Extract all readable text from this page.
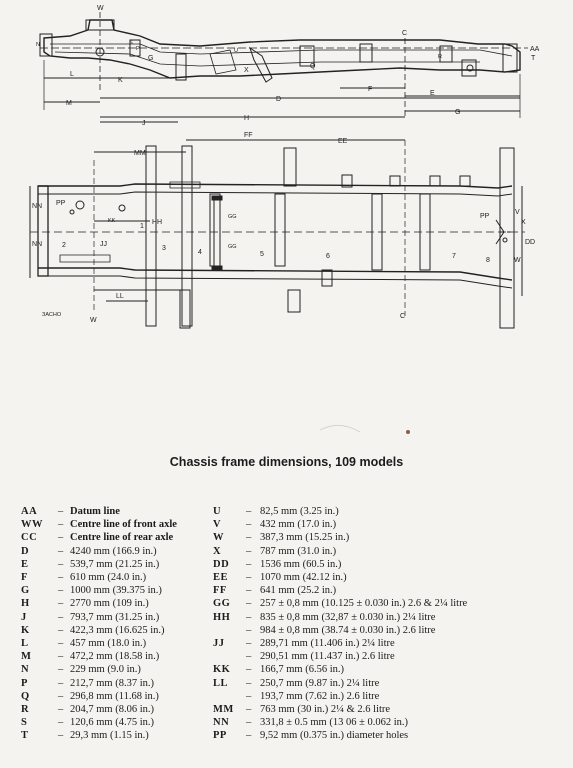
W
C
AA
T
N	S
P	U
R
L
K
Q
X
G
M
D
F
E
G
J
H
FF
EE
MM
HH
GG
GG
NN PP
KK
NN	JJ
LL
PP
V
X
DD
W
1
2	3
4	5	6	7
8
W
C
ЗАСНО
Chassis frame dimensions, 109 models
AA – Datum line
WW – Centre line of front axle
CC – Centre line of rear axle
D	– 4240 mm (166.9 in.)
E	– 539,7 mm (21.25 in.)
F	– 610 mm (24.0 in.)
G	– 1000 mm (39.375 in.)
H	– 2770 mm (109 in.)
J	– 793,7 mm (31.25 in.)
K	– 422,3 mm (16.625 in.)
L	– 457 mm (18.0 in.)
M	– 472,2 mm (18.58 in.)
N	– 229 mm (9.0 in.)
P	– 212,7 mm (8.37 in.)
Q	– 296,8 mm (11.68 in.)
R	– 204,7 mm (8.06 in.)
S	– 120,6 mm (4.75 in.)
T	– 29,3 mm (1.15 in.)
U – 82,5 mm (3.25 in.)
V – 432 mm (17.0 in.)
W – 387,3 mm (15.25 in.)
X – 787 mm (31.0 in.)
DD – 1536 mm (60.5 in.)
EE – 1070 mm (42.12 in.)
FF – 641 mm (25.2 in.)
GG – 257 ± 0,8 mm (10.125 ± 0.030 in.) 2.6 & 2¼ litre
HH – 835 ± 0,8 mm (32,87 ± 0.030 in.) 2¼ litre
– 984 ± 0,8 mm (38.74 ± 0.030 in.) 2.6 litre
JJ – 289,71 mm (11.406 in.) 2¼ litre
– 290,51 mm (11.437 in.) 2.6 litre
KK – 166,7 mm (6.56 in.)
LL – 250,7 mm (9.87 in.) 2¼ litre
– 193,7 mm (7.62 in.) 2.6 litre
MM – 763 mm (30 in.) 2¼ & 2.6 litre
NN – 331,8 ± 0.5 mm (13 06 ± 0.062 in.)
PP – 9,52 mm (0.375 in.) diameter holes
